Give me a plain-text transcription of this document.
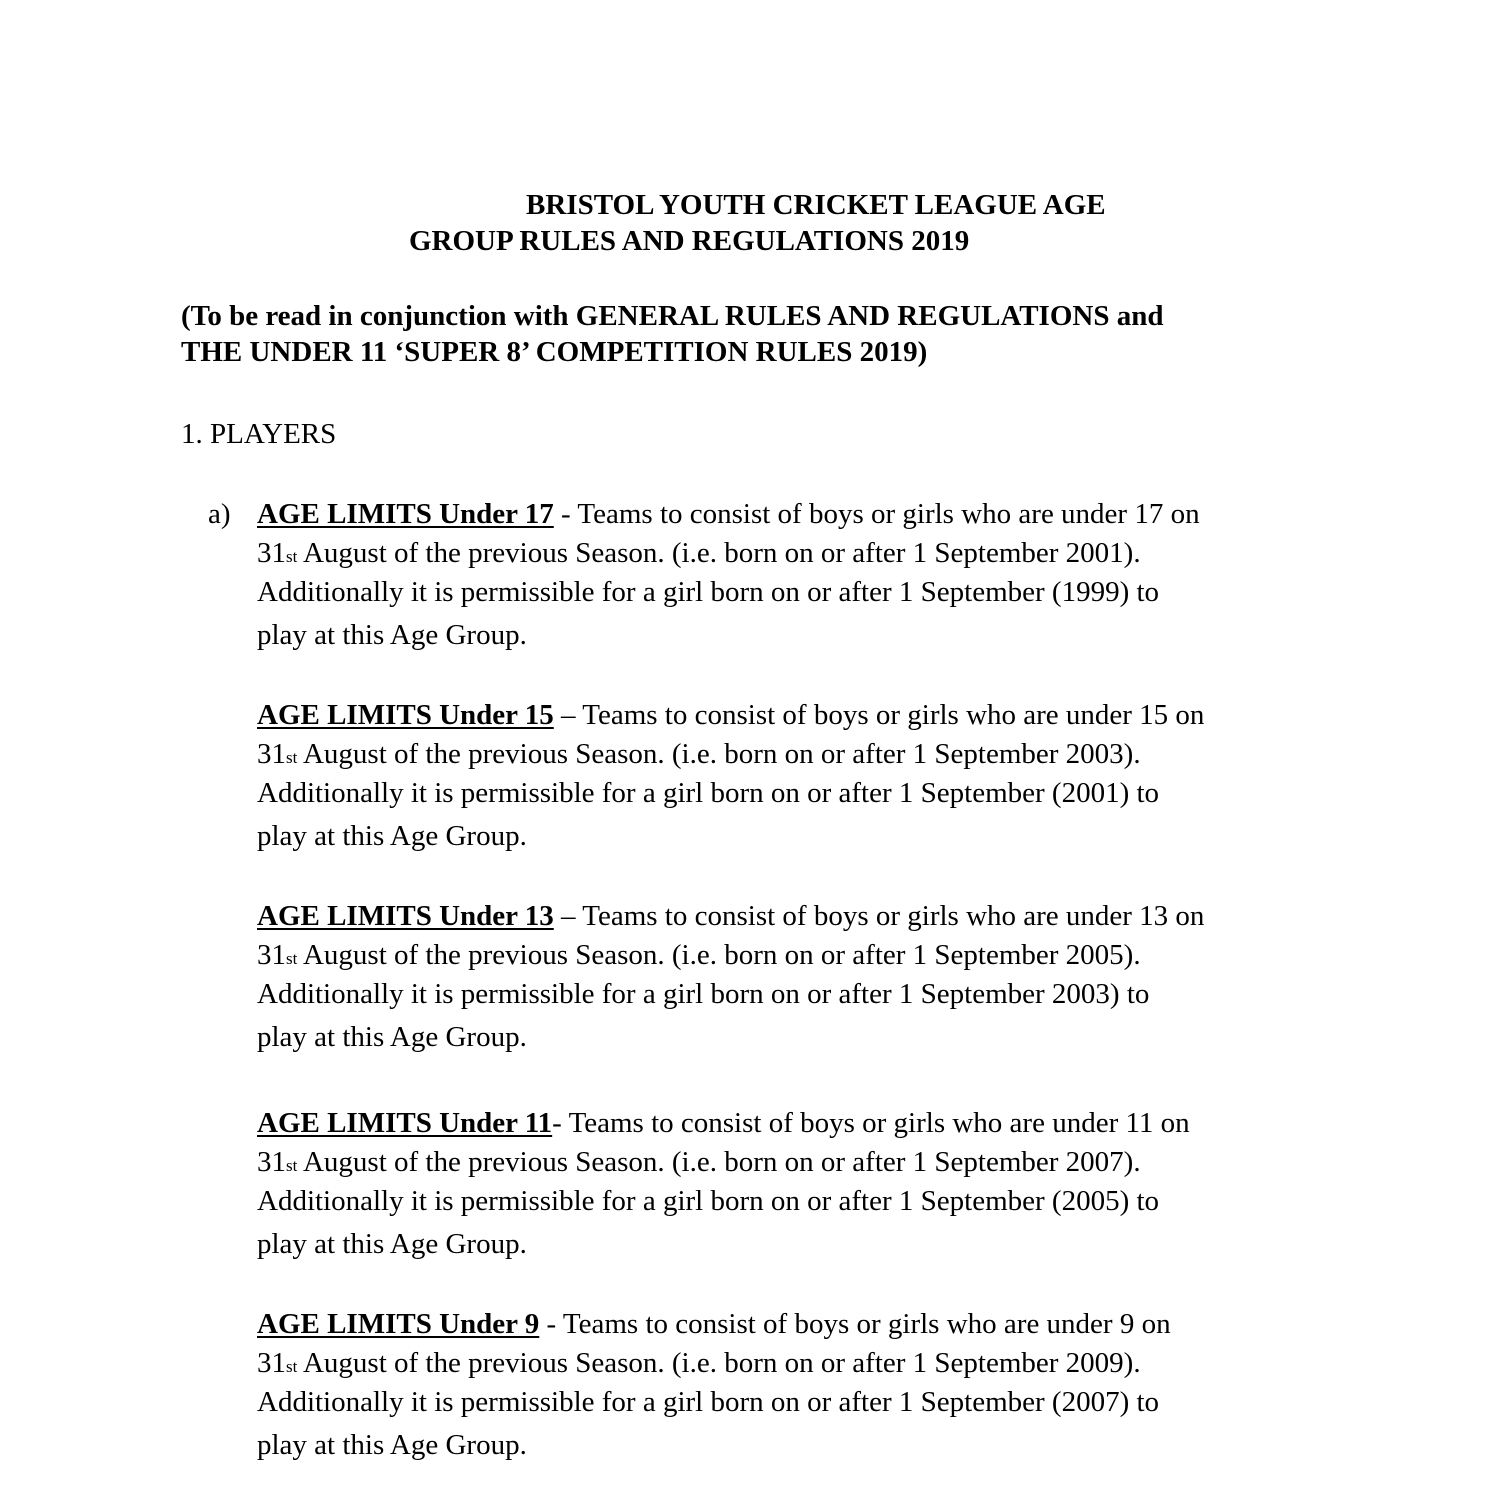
BRISTOL YOUTH CRICKET LEAGUE AGE
GROUP RULES AND REGULATIONS 2019
(To be read in conjunction with GENERAL RULES AND REGULATIONS and
THE UNDER 11 ‘SUPER 8’ COMPETITION RULES 2019)
1. PLAYERS
a) AGE LIMITS Under 17 - Teams to consist of boys or girls who are under 17 on
31st August of the previous Season. (i.e. born on or after 1 September 2001).
Additionally it is permissible for a girl born on or after 1 September (1999) to
play at this Age Group.
AGE LIMITS Under 15 – Teams to consist of boys or girls who are under 15 on
31st August of the previous Season. (i.e. born on or after 1 September 2003).
Additionally it is permissible for a girl born on or after 1 September (2001) to
play at this Age Group.
AGE LIMITS Under 13 – Teams to consist of boys or girls who are under 13 on
31st August of the previous Season. (i.e. born on or after 1 September 2005).
Additionally it is permissible for a girl born on or after 1 September 2003) to
play at this Age Group.
AGE LIMITS Under 11- Teams to consist of boys or girls who are under 11 on
31st August of the previous Season. (i.e. born on or after 1 September 2007).
Additionally it is permissible for a girl born on or after 1 September (2005) to
play at this Age Group.
AGE LIMITS Under 9 - Teams to consist of boys or girls who are under 9 on
31st August of the previous Season. (i.e. born on or after 1 September 2009).
Additionally it is permissible for a girl born on or after 1 September (2007) to
play at this Age Group.
